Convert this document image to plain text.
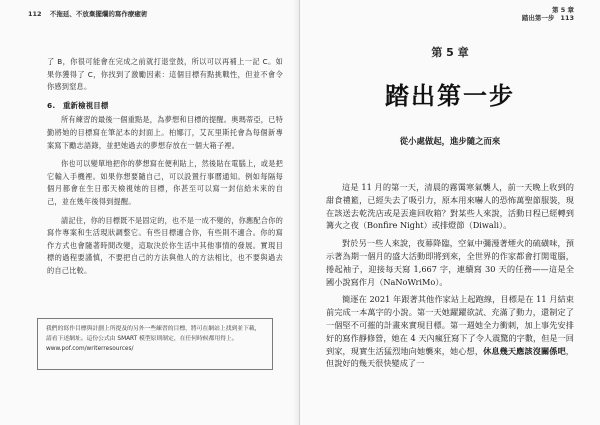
112 不拖延、不放棄擺爛的寫作療癒術

了 B，你很可能會在完成之前就打退堂鼓，所以可以再補上一記 C。如果你獲得了 C，你找到了激勵因素：這個目標有點挑戰性，但並不會令你感到窒息。

6.　重新檢視目標

所有練習的最後一個重點是，為夢想和目標的提醒。奧瑪蒂亞，已特勤將她的目標寫在筆記本的封面上。柏娜汀，艾瓦里斯托會為每個新專案寫下勵志語錄，並把她過去的夢想存放在一個大箱子裡。

你也可以變單地把你的夢想寫在便利貼上，然後貼在電腦上，或是把它輸入手機裡。如果你想要隨自己，可以設置行事曆通知。例如每隔每個月都會在生日那天檢視她的目標，你甚至可以寫一封信給未來的自己，並在幾年後得到提醒。

請記住，你的目標既不是固定的，也不是一成不變的，你應配合你的寫作專案和生活現狀調整它。有些目標適合你，有些則不適合。你的寫作方式也會隨著時間改變，這取決於你生活中其他事情的發展。實現目標的過程要謹慎，不要把自己的方法與他人的方法相比，也不要與過去的自己比較。

我們的寫作目標與計劃上所提及的另外一些練習的目標，將可在網站上找到並下載，請看下述網址。這份公式由 SMART 模型原則制定，在任何時候都用得上。 www.pof.com/writerresources/
第 5 章
踏出第一步 113
第 5 章
踏出第一步
從小處做起，進步隨之而來

這是 11 月的第一天，清晨的霧霭寒氣襲人，前一天晚上收到的甜食禮籃，已經失去了吸引力，原本用來嚇人的恐怖萬聖節服裝，現在該送去乾洗店或是丟進回收箱？對某些人來說，活動日程已經轉到篝火之夜（Bonfire Night）或排燈節（Diwali）。

對於另一些人來說，夜幕降臨，空氣中彌漫著煙火的硫磺味，預示著為期一個月的盛大活動即將到來，全世界的作家都會打開電腦，捲起袖子，迎接每天寫 1,667 字，連續寫 30 天的任務——這是全國小說寫作月（NaNoWriMo）。

簡逐在 2021 年跟著其他作家站上起跑線，目標是在 11 月結束前完成一本萬字的小說。第一天她躍躍欲試、充滿了動力，還制定了一個堅不可摧的計畫來實現目標。第一週她全力衝刺，加上事先安排好的寫作靜修營，她在 4 天內瘋狂寫下了令人震驚的字數，但是一回到家，現實生活猛烈地向她襲來，她心想，休息幾天應該沒關係吧，但說好的幾天很快變成了一
